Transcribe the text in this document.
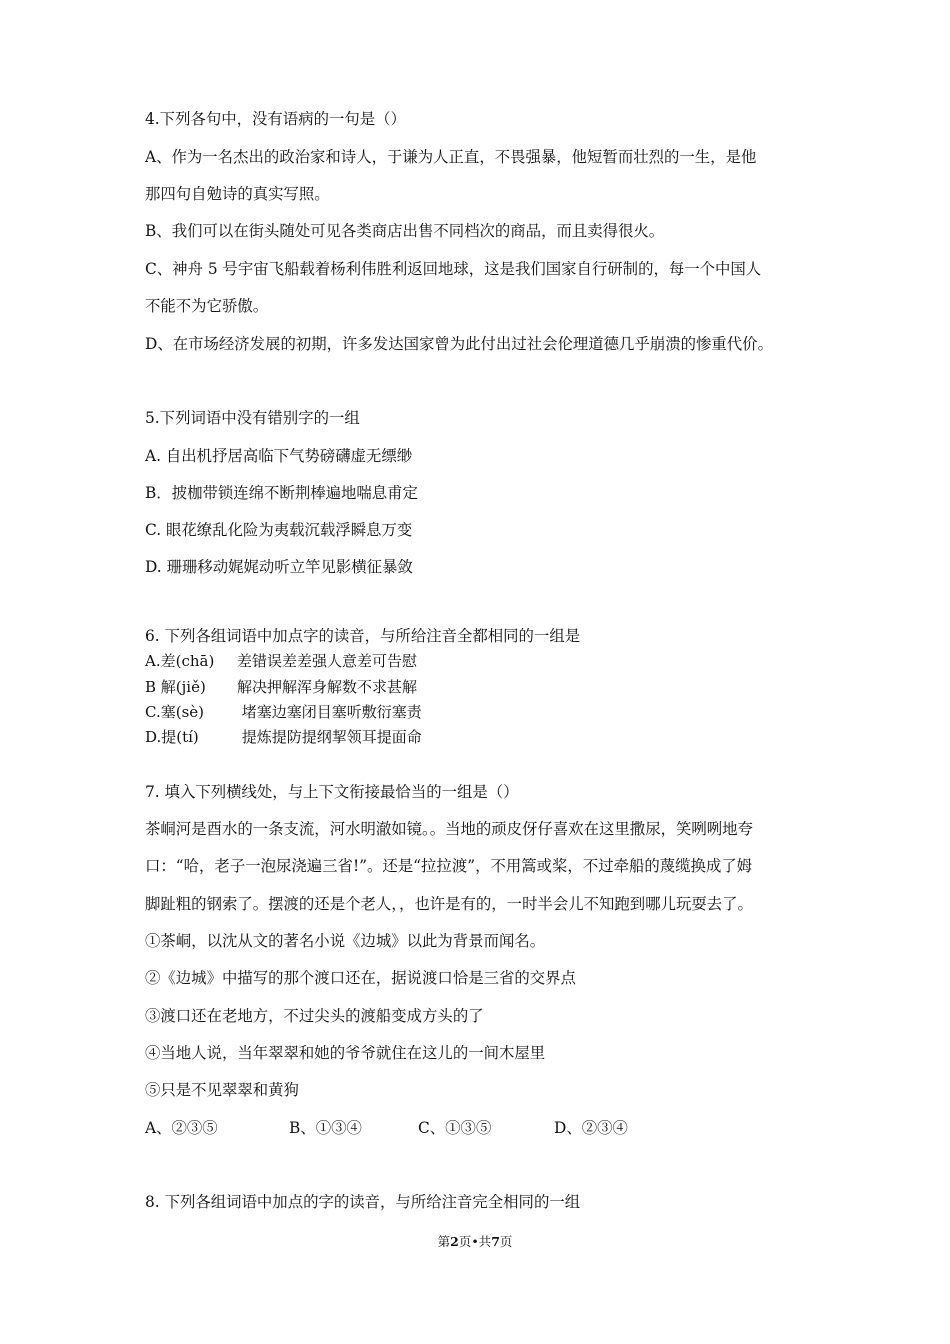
4.下列各句中，没有语病的一句是（）
A、作为一名杰出的政治家和诗人，于谦为人正直，不畏强暴，他短暂而壮烈的一生，是他
那四句自勉诗的真实写照。
B、我们可以在街头随处可见各类商店出售不同档次的商品，而且卖得很火。
C、神舟 5 号宇宙飞船载着杨利伟胜利返回地球，这是我们国家自行研制的，每一个中国人
不能不为它骄傲。
D、在市场经济发展的初期，许多发达国家曾为此付出过社会伦理道德几乎崩溃的惨重代价。
5.下列词语中没有错别字的一组
A. 自出机抒居高临下气势磅礴虚无缥缈
B．披枷带锁连绵不断荆棒遍地喘息甫定
C. 眼花缭乱化险为夷载沉载浮瞬息万变
D. 珊珊移动娓娓动听立竿见影横征暴敛
6. 下列各组词语中加点字的读音，与所给注音全都相同的一组是
A.差(chā) 差错误差差强人意差可告慰
B 解(jiě) 解决押解浑身解数不求甚解
C.塞(sè) 堵塞边塞闭目塞听敷衍塞责
D.提(tí)	提炼提防提纲挈领耳提面命
7. 填入下列横线处，与上下文衔接最恰当的一组是（）
茶峒河是酉水的一条支流，河水明澈如镜。。当地的顽皮伢仔喜欢在这里撒尿，笑咧咧地夸
口：“哈，老子一泡尿浇遍三省!”。还是“拉拉渡”，不用篙或桨，不过牵船的蔑缆换成了姆
脚趾粗的钢索了。摆渡的还是个老人，，也许是有的，一时半会儿不知跑到哪儿玩耍去了。
①茶峒，以沈从文的著名小说《边城》以此为背景而闻名。
②《边城》中描写的那个渡口还在，据说渡口恰是三省的交界点
③渡口还在老地方，不过尖头的渡船变成方头的了
④当地人说，当年翠翠和她的爷爷就住在这儿的一间木屋里
⑤只是不见翠翠和黄狗
A、②③⑤	B、①③④	C、①③⑤	D、②③④
8. 下列各组词语中加点的字的读音，与所给注音完全相同的一组
第2页•共7页
